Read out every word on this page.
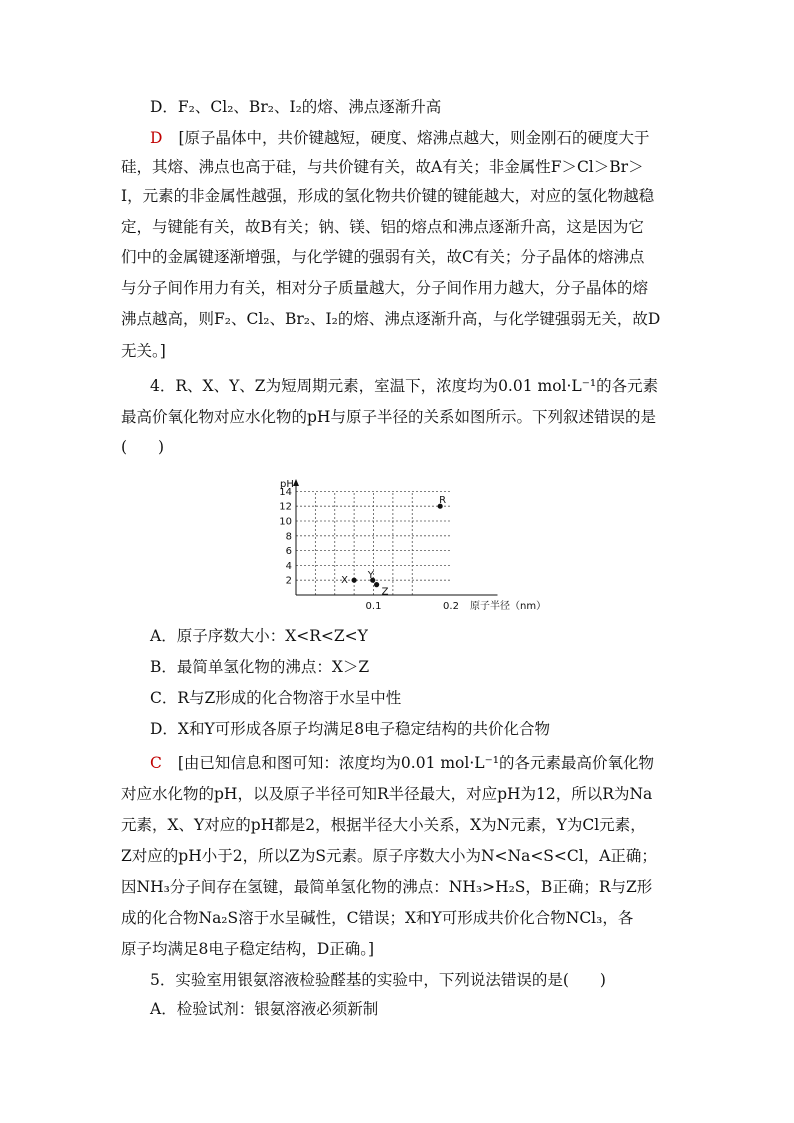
D．F₂、Cl₂、Br₂、I₂的熔、沸点逐渐升高
D [原子晶体中，共价键越短，硬度、熔沸点越大，则金刚石的硬度大于
硅，其熔、沸点也高于硅，与共价键有关，故A有关；非金属性F＞Cl＞Br＞
I，元素的非金属性越强，形成的氢化物共价键的键能越大，对应的氢化物越稳
定，与键能有关，故B有关；钠、镁、铝的熔点和沸点逐渐升高，这是因为它
们中的金属键逐渐增强，与化学键的强弱有关，故C有关；分子晶体的熔沸点
与分子间作用力有关，相对分子质量越大，分子间作用力越大，分子晶体的熔
沸点越高，则F₂、Cl₂、Br₂、I₂的熔、沸点逐渐升高，与化学键强弱无关，故D
无关。]
4．R、X、Y、Z为短周期元素，室温下，浓度均为0.01 mol·L⁻¹的各元素
最高价氧化物对应水化物的pH与原子半径的关系如图所示。下列叙述错误的是
(　　)
2
4
6
8
10
12
14
0.1	0.2
X Y
Z
R
pH
原子半径（nm）
A．原子序数大小：X<R<Z<Y
B．最简单氢化物的沸点：X＞Z
C．R与Z形成的化合物溶于水呈中性
D．X和Y可形成各原子均满足8电子稳定结构的共价化合物
C [由已知信息和图可知：浓度均为0.01 mol·L⁻¹的各元素最高价氧化物
对应水化物的pH，以及原子半径可知R半径最大，对应pH为12，所以R为Na
元素，X、Y对应的pH都是2，根据半径大小关系，X为N元素，Y为Cl元素，
Z对应的pH小于2，所以Z为S元素。原子序数大小为N<Na<S<Cl，A正确；
因NH₃分子间存在氢键，最简单氢化物的沸点：NH₃>H₂S，B正确；R与Z形
成的化合物Na₂S溶于水呈碱性，C错误；X和Y可形成共价化合物NCl₃，各
原子均满足8电子稳定结构，D正确。]
5．实验室用银氨溶液检验醛基的实验中，下列说法错误的是(　　)
A．检验试剂：银氨溶液必须新制
